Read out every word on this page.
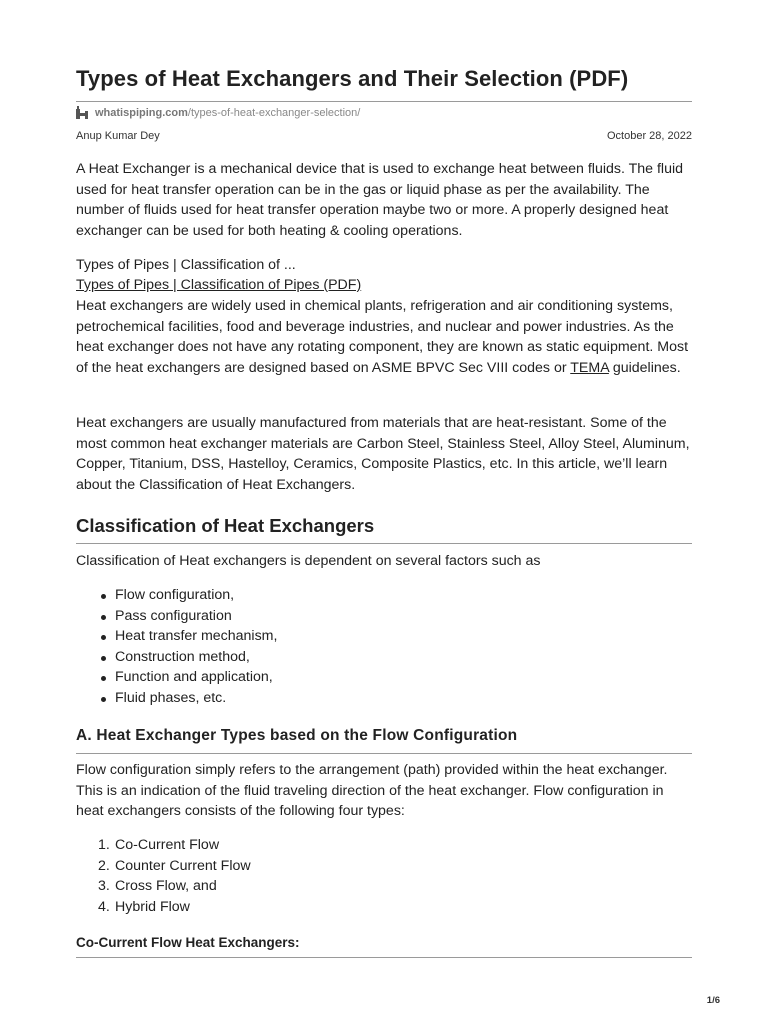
Types of Heat Exchangers and Their Selection (PDF)
whatispiping.com /types-of-heat-exchanger-selection/
Anup Kumar Dey	October 28, 2022

A Heat Exchanger is a mechanical device that is used to exchange heat between fluids. The fluid used for heat transfer operation can be in the gas or liquid phase as per the availability. The number of fluids used for heat transfer operation maybe two or more. A properly designed heat exchanger can be used for both heating & cooling operations.

Types of Pipes | Classification of ...
Types of Pipes | Classification of Pipes (PDF)

Heat exchangers are widely used in chemical plants, refrigeration and air conditioning systems, petrochemical facilities, food and beverage industries, and nuclear and power industries. As the heat exchanger does not have any rotating component, they are known as static equipment. Most of the heat exchangers are designed based on ASME BPVC Sec VIII codes or TEMA guidelines.

Heat exchangers are usually manufactured from materials that are heat-resistant. Some of the most common heat exchanger materials are Carbon Steel, Stainless Steel, Alloy Steel, Aluminum, Copper, Titanium, DSS, Hastelloy, Ceramics, Composite Plastics, etc. In this article, we’ll learn about the Classification of Heat Exchangers.

Classification of Heat Exchangers

Classification of Heat exchangers is dependent on several factors such as

Flow configuration,
Pass configuration
Heat transfer mechanism,
Construction method,
Function and application,
Fluid phases, etc.
A. Heat Exchanger Types based on the Flow Configuration

Flow configuration simply refers to the arrangement (path) provided within the heat exchanger. This is an indication of the fluid traveling direction of the heat exchanger. Flow configuration in heat exchangers consists of the following four types:

1. Co-Current Flow
2. Counter Current Flow
3. Cross Flow, and
4. Hybrid Flow
Co-Current Flow Heat Exchangers:
1/6
